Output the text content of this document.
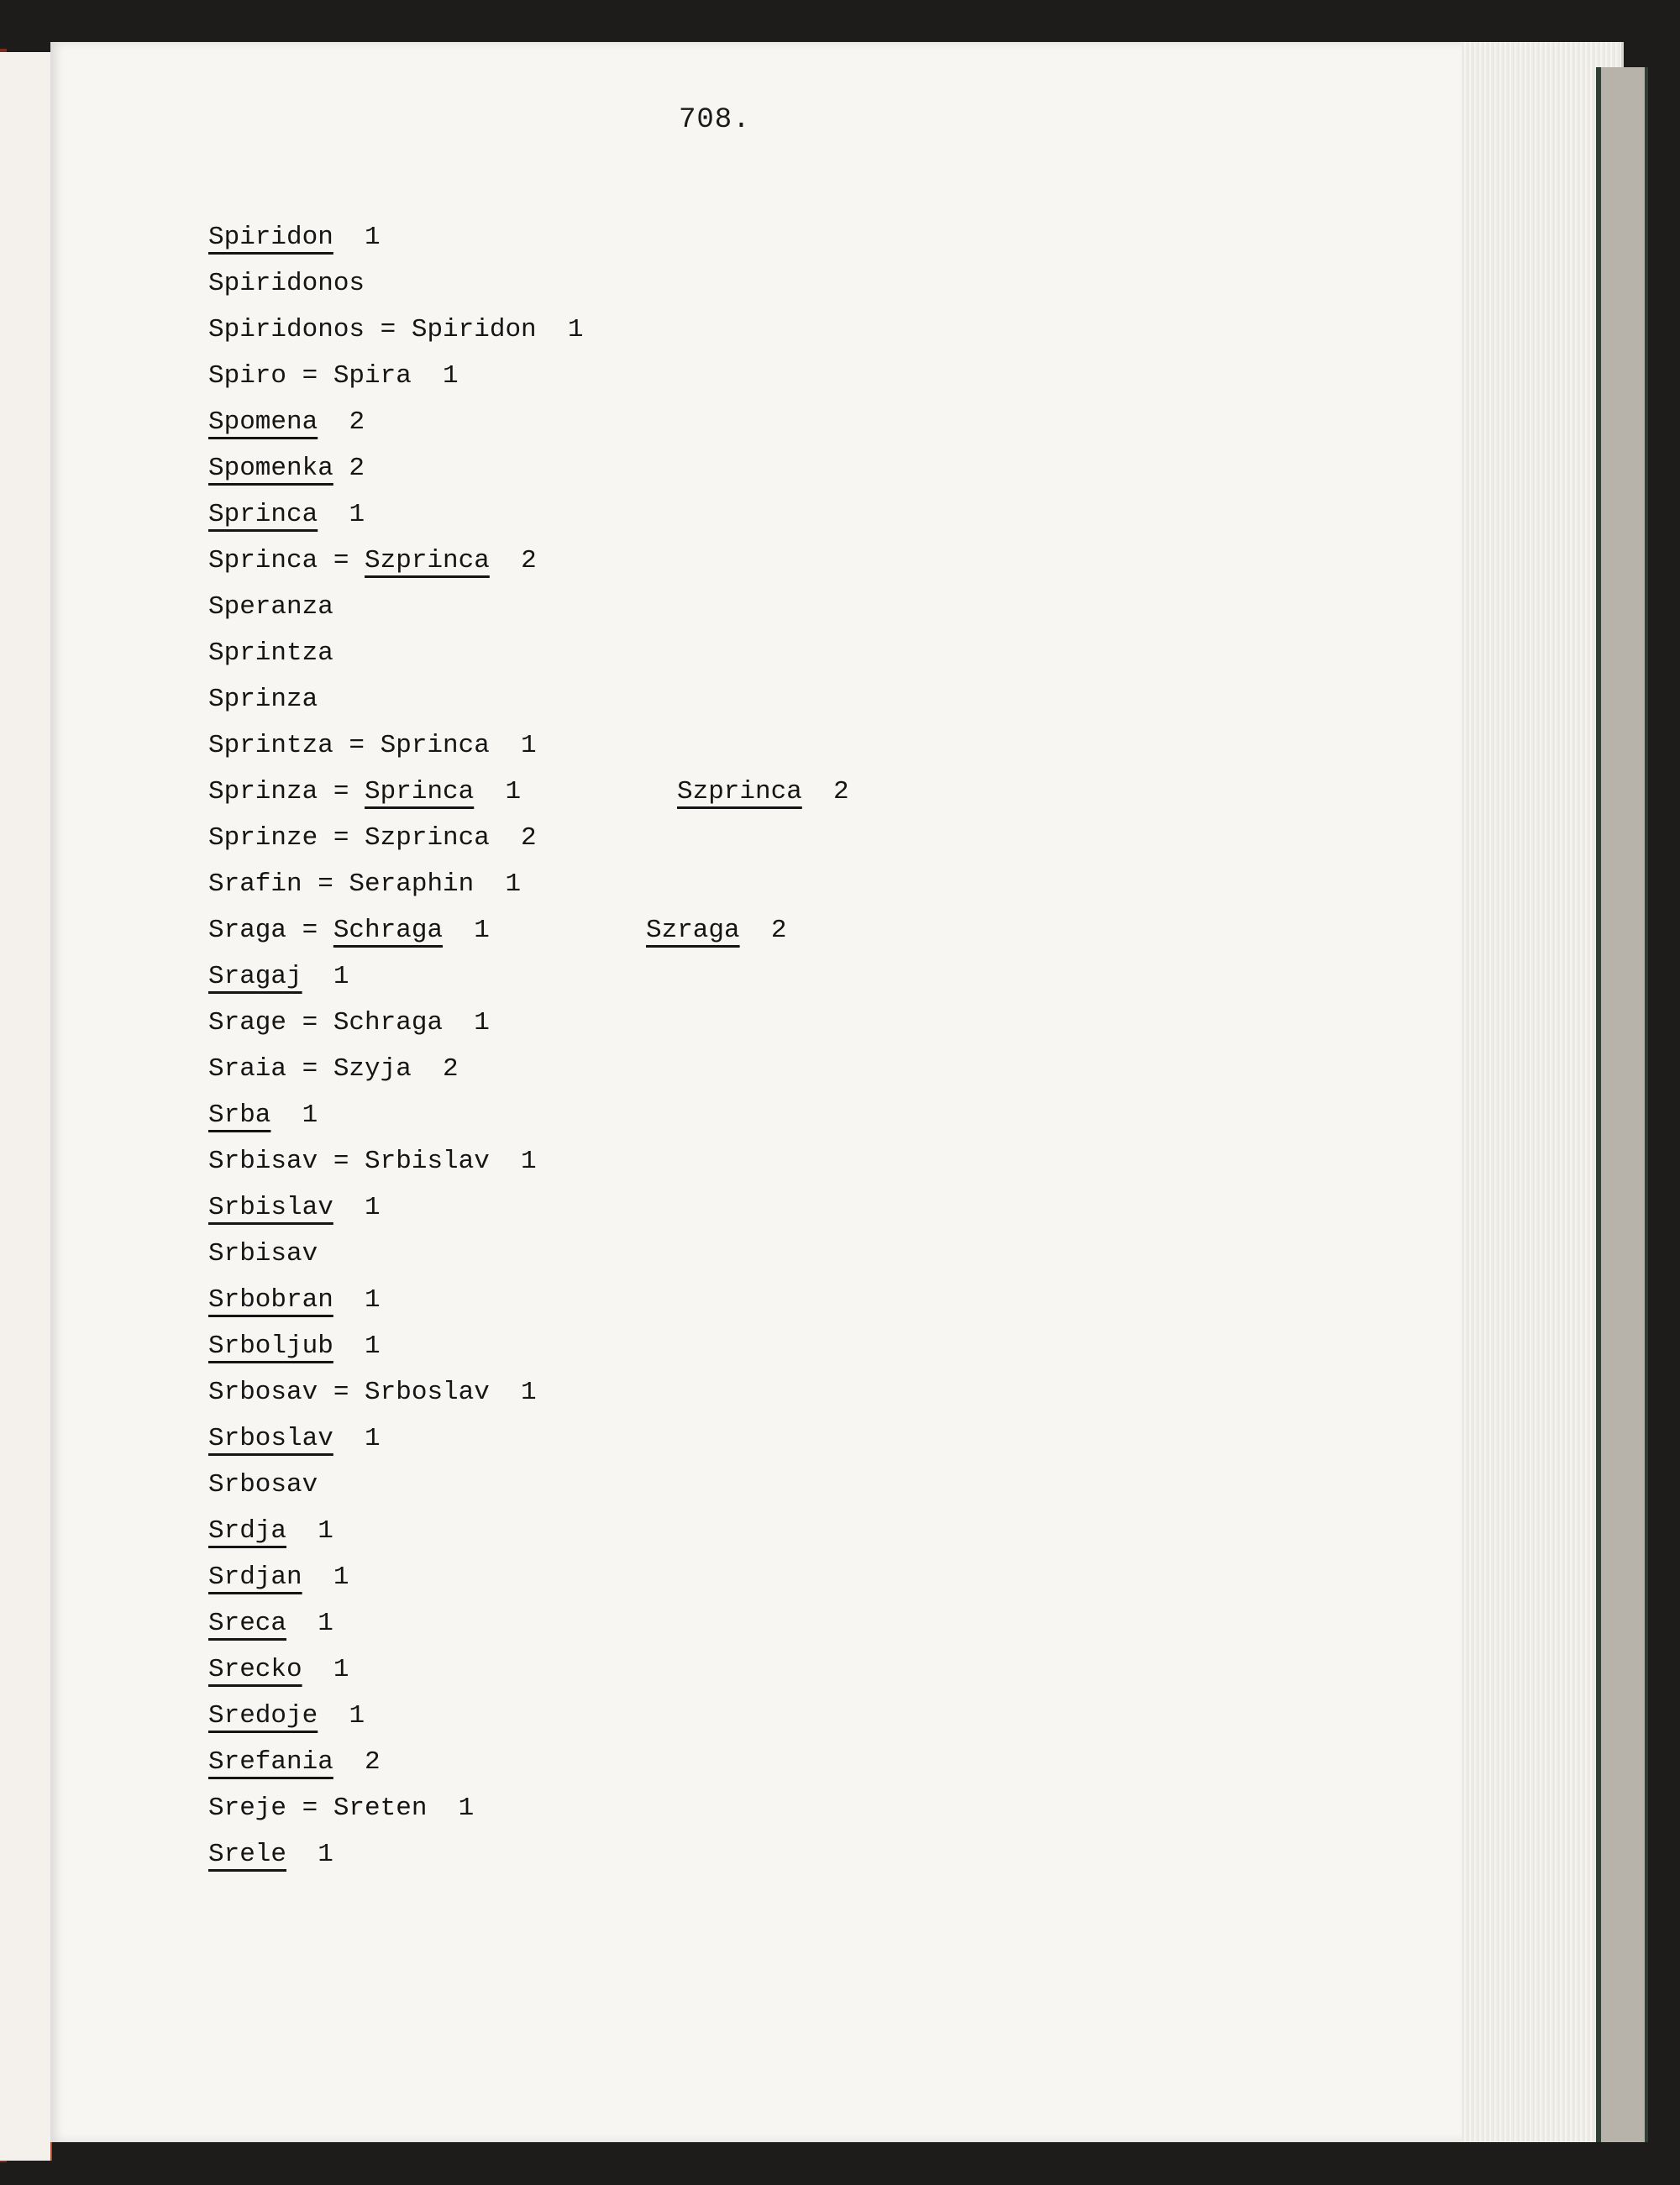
708.
Spiridon  1
Spiridonos
Spiridonos = Spiridon  1
Spiro = Spira  1
Spomena  2
Spomenka 2
Sprinca  1
Sprinca = Szprinca  2
Speranza
Sprintza
Sprinza
Sprintza = Sprinca  1
Sprinza = Sprinca  1	Szprinca  2
Sprinze = Szprinca  2
Srafin = Seraphin  1
Sraga = Schraga  1	Szraga  2
Sragaj  1
Srage = Schraga  1
Sraia = Szyja  2
Srba  1
Srbisav = Srbislav  1
Srbislav  1
Srbisav
Srbobran  1
Srboljub  1
Srbosav = Srboslav  1
Srboslav  1
Srbosav
Srdja  1
Srdjan  1
Sreca  1
Srecko  1
Sredoje  1
Srefania  2
Sreje = Sreten  1
Srele  1
